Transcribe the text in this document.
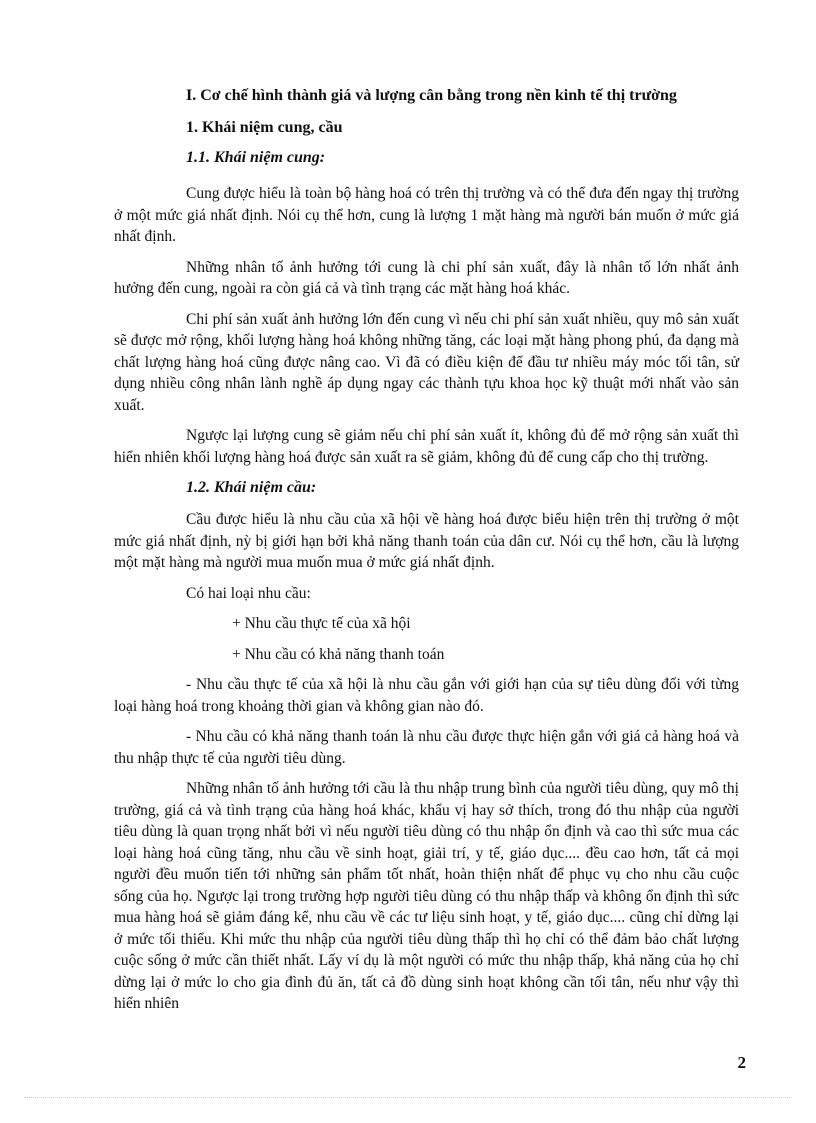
I. Cơ chế hình thành giá và lượng cân bằng trong nền kinh tế thị trường

1. Khái niệm cung, cầu

1.1. Khái niệm cung:

Cung được hiểu là toàn bộ hàng hoá có trên thị trường và có thể đưa đến ngay thị trường ở một mức giá nhất định. Nói cụ thể hơn, cung là lượng 1 mặt hàng mà người bán muốn ở mức giá nhất định.

Những nhân tố ảnh hưởng tới cung là chi phí sản xuất, đây là nhân tố lớn nhất ảnh hưởng đến cung, ngoài ra còn giá cả và tình trạng các mặt hàng hoá khác.

Chi phí sản xuất ảnh hưởng lớn đến cung vì nếu chi phí sản xuất nhiều, quy mô sản xuất sẽ được mở rộng, khối lượng hàng hoá không những tăng, các loại mặt hàng phong phú, đa dạng mà chất lượng hàng hoá cũng được nâng cao. Vì đã có điều kiện để đầu tư nhiều máy móc tối tân, sử dụng nhiều công nhân lành nghề áp dụng ngay các thành tựu khoa học kỹ thuật mới nhất vào sản xuất.

Ngược lại lượng cung sẽ giảm nếu chi phí sản xuất ít, không đủ để mở rộng sản xuất thì hiển nhiên khối lượng hàng hoá được sản xuất ra sẽ giảm, không đủ để cung cấp cho thị trường.

1.2. Khái niệm cầu:

Cầu được hiểu là nhu cầu của xã hội về hàng hoá được biểu hiện trên thị trường ở một mức giá nhất định, nỳ bị giới hạn bởi khả năng thanh toán của dân cư. Nói cụ thể hơn, cầu là lượng một mặt hàng mà người mua muốn mua ở mức giá nhất định.

Có hai loại nhu cầu:

+ Nhu cầu thực tế của xã hội

+ Nhu cầu có khả năng thanh toán

- Nhu cầu thực tế của xã hội là nhu cầu gắn với giới hạn của sự tiêu dùng đối với từng loại hàng hoá trong khoảng thời gian và không gian nào đó.

- Nhu cầu có khả năng thanh toán là nhu cầu được thực hiện gắn với giá cả hàng hoá và thu nhập thực tế của người tiêu dùng.

Những nhân tố ảnh hưởng tới cầu là thu nhập trung bình của người tiêu dùng, quy mô thị trường, giá cả và tình trạng của hàng hoá khác, khẩu vị hay sở thích, trong đó thu nhập của người tiêu dùng là quan trọng nhất bởi vì nếu người tiêu dùng có thu nhập ổn định và cao thì sức mua các loại hàng hoá cũng tăng, nhu cầu về sinh hoạt, giải trí, y tế, giáo dục.... đều cao hơn, tất cả mọi người đều muốn tiến tới những sản phẩm tốt nhất, hoàn thiện nhất để phục vụ cho nhu cầu cuộc sống của họ. Ngược lại trong trường hợp người tiêu dùng có thu nhập thấp và không ổn định thì sức mua hàng hoá sẽ giảm đáng kể, nhu cầu về các tư liệu sinh hoạt, y tế, giáo dục.... cũng chỉ dừng lại ở mức tối thiểu. Khi mức thu nhập của người tiêu dùng thấp thì họ chỉ có thể đảm bảo chất lượng cuộc sống ở mức cần thiết nhất. Lấy ví dụ là một người có mức thu nhập thấp, khả năng của họ chỉ dừng lại ở mức lo cho gia đình đủ ăn, tất cả đồ dùng sinh hoạt không cần tối tân, nếu như vậy thì hiển nhiên

2
